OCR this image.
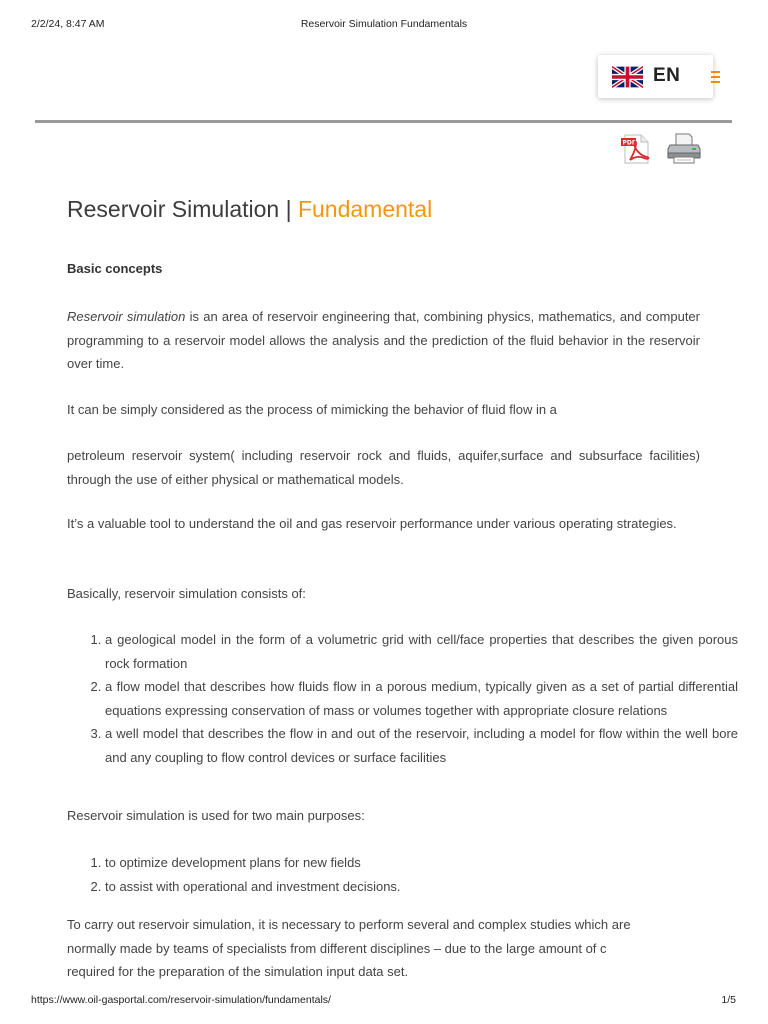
2/2/24, 8:47 AM	Reservoir Simulation Fundamentals
EN
PDF
Reservoir Simulation | Fundamental
Basic concepts

Reservoir simulation is an area of reservoir engineering that, combining physics, mathematics, and computer programming to a reservoir model allows the analysis and the prediction of the fluid behavior in the reservoir over time.

It can be simply considered as the process of mimicking the behavior of fluid flow in a

petroleum reservoir system( including reservoir rock and fluids, aquifer,surface and subsurface facilities) through the use of either physical or mathematical models.

It’s a valuable tool to understand the oil and gas reservoir performance under various operating strategies.

Basically, reservoir simulation consists of:

1. a geological model in the form of a volumetric grid with cell/face properties that describes the given porous rock formation
2. a flow model that describes how fluids flow in a porous medium, typically given as a set of partial differential equations expressing conservation of mass or volumes together with appropriate closure relations
3. a well model that describes the flow in and out of the reservoir, including a model for flow within the well bore and any coupling to flow control devices or surface facilities

Reservoir simulation is used for two main purposes:

1. to optimize development plans for new fields
2. to assist with operational and investment decisions.
To carry out reservoir simulation, it is necessary to perform several and complex studies which are
normally made by teams of specialists from different disciplines – due to the large amount of c
required for the preparation of the simulation input data set.
https://www.oil-gasportal.com/reservoir-simulation/fundamentals/	1/5
